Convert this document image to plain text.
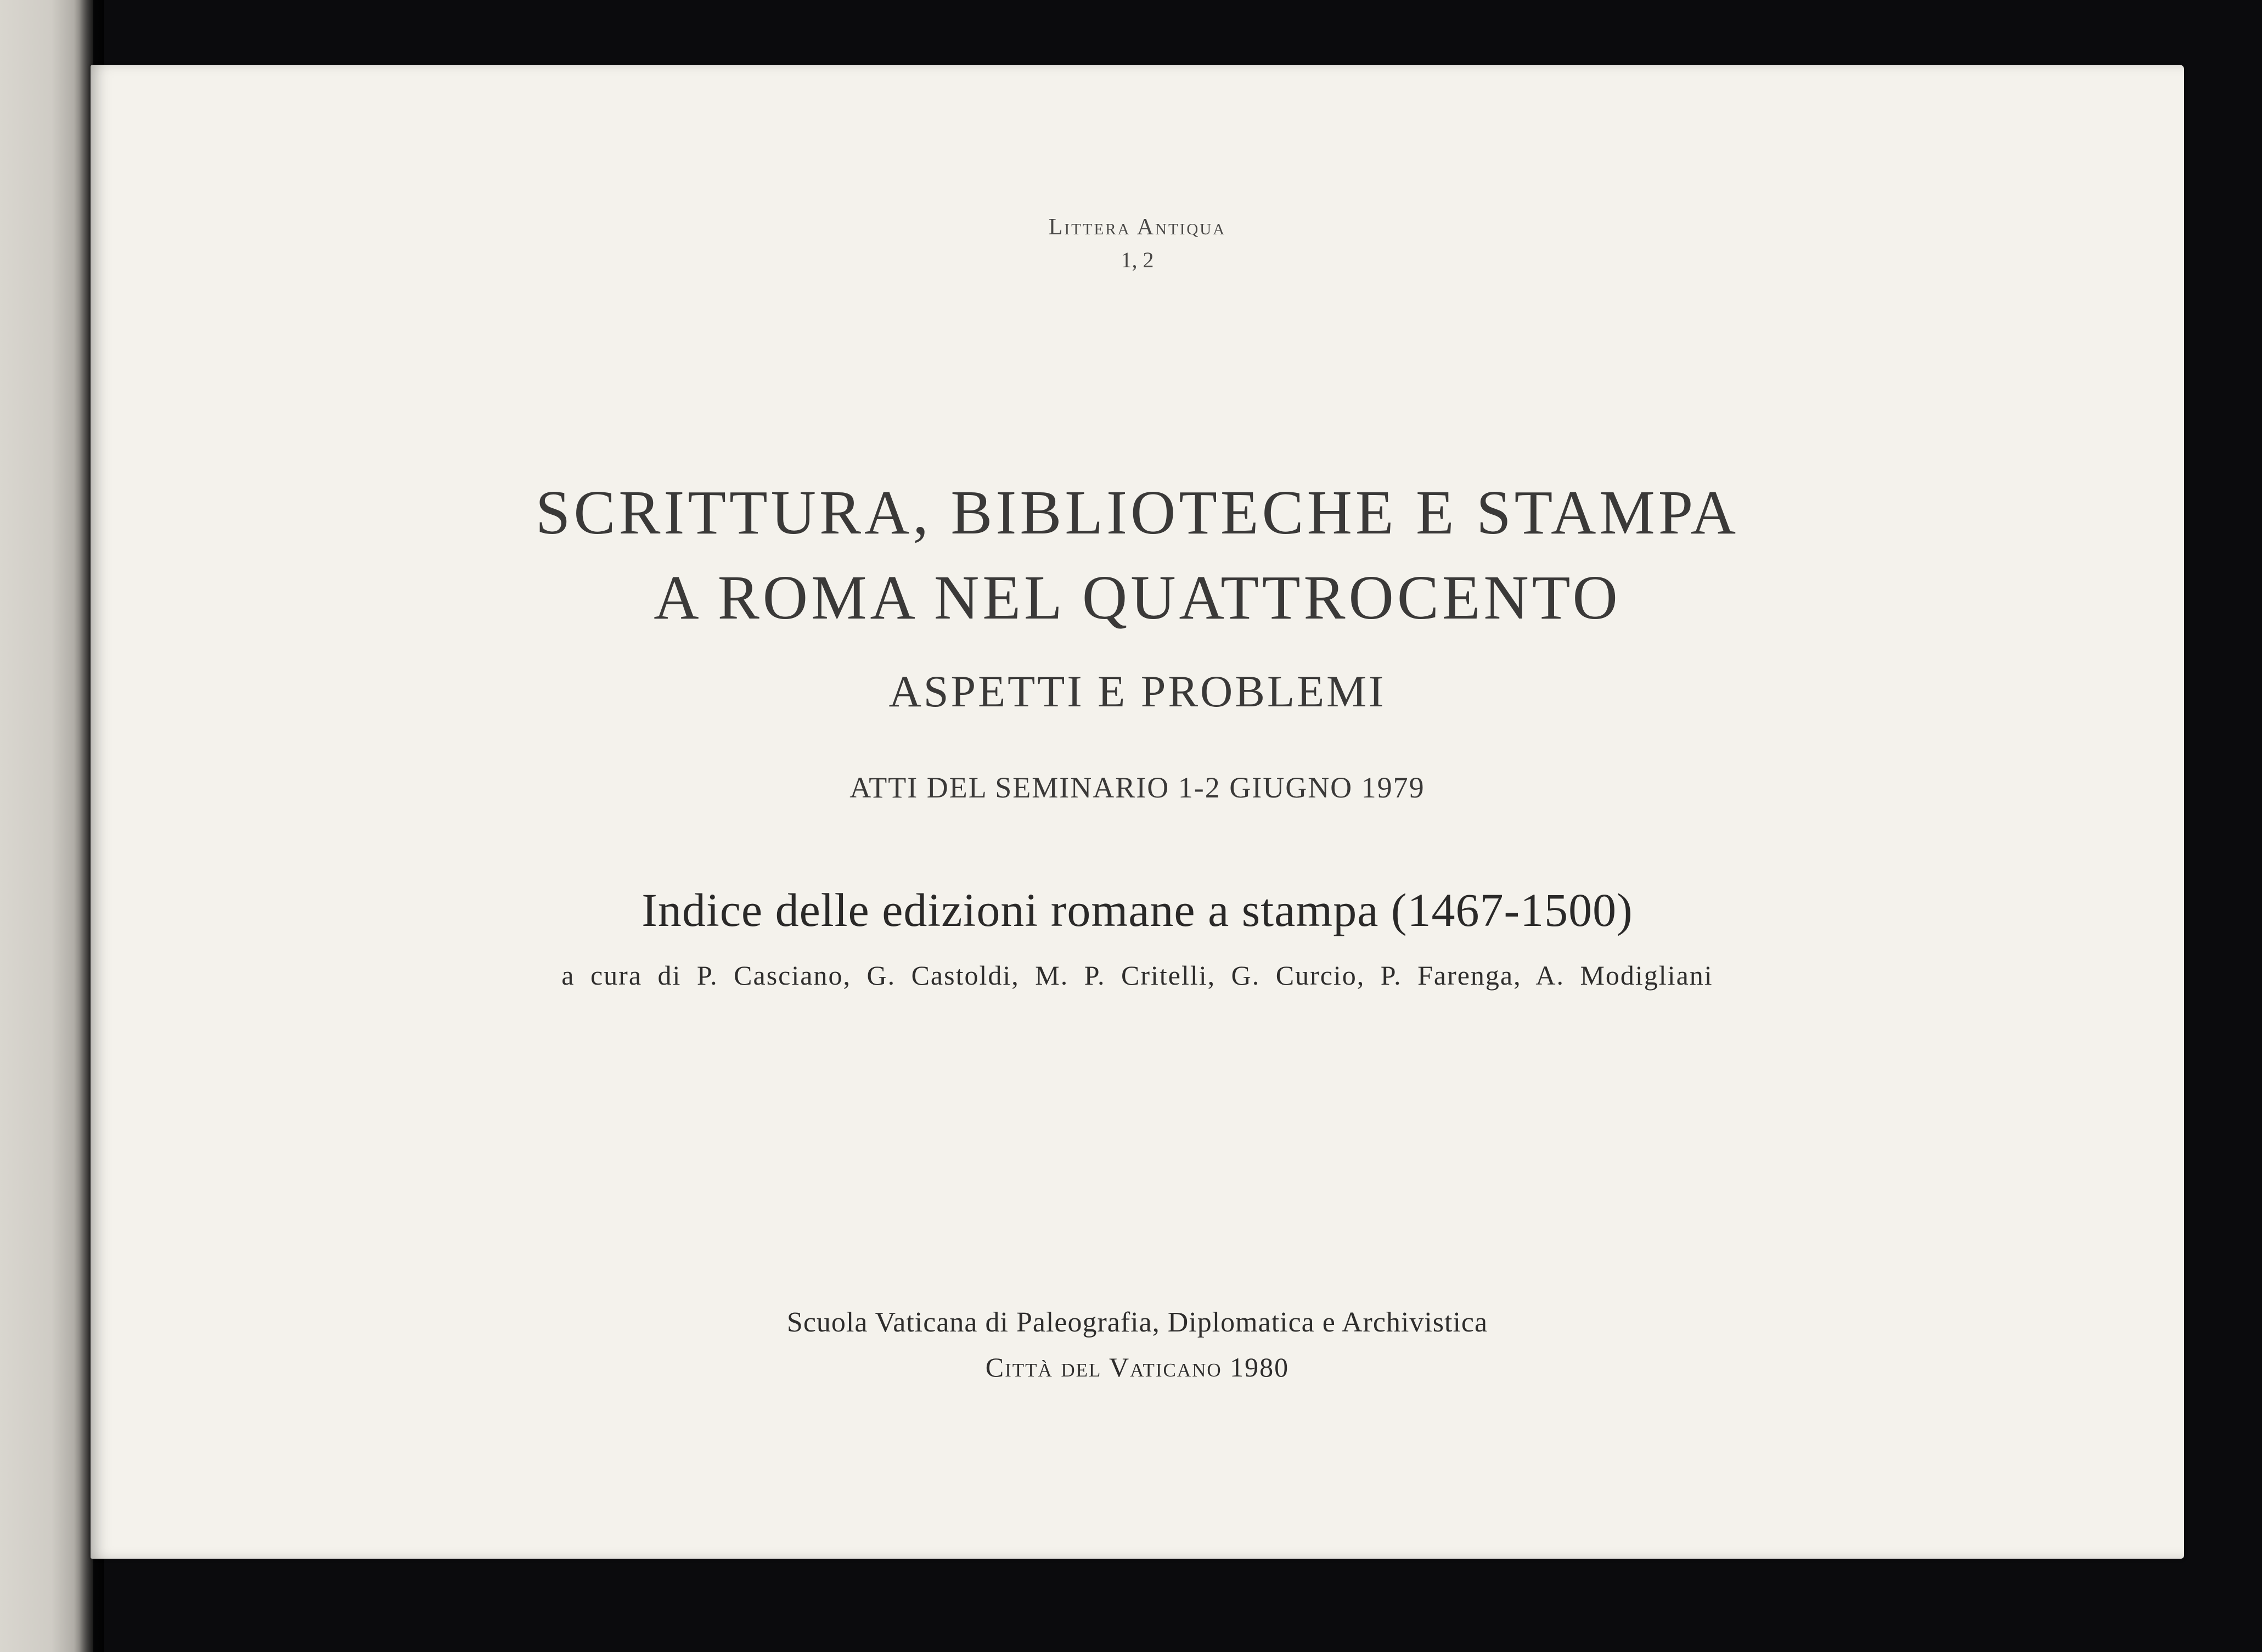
Littera Antiqua
1, 2
SCRITTURA, BIBLIOTECHE E STAMPA
A ROMA NEL QUATTROCENTO
ASPETTI E PROBLEMI
ATTI DEL SEMINARIO 1-2 GIUGNO 1979
Indice delle edizioni romane a stampa (1467-1500)
a cura di P. Casciano, G. Castoldi, M. P. Critelli, G. Curcio, P. Farenga, A. Modigliani
Scuola Vaticana di Paleografia, Diplomatica e Archivistica
Città del Vaticano 1980
